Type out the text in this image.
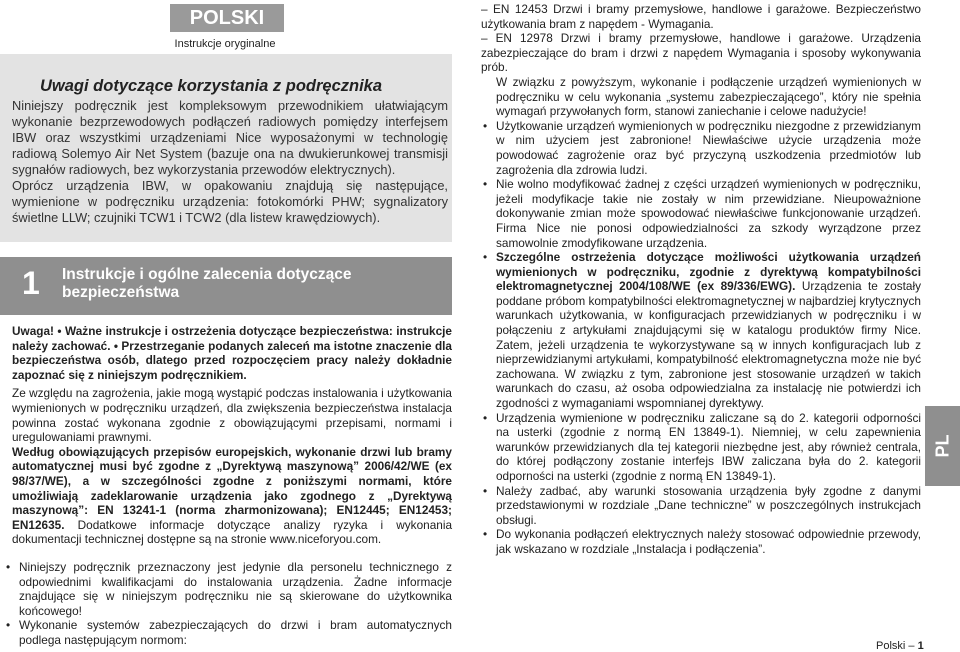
POLSKI
Instrukcje oryginalne
Uwagi dotyczące korzystania z podręcznika

Niniejszy podręcznik jest kompleksowym przewodnikiem ułatwiającym wykonanie bezprzewodowych podłączeń radiowych pomiędzy interfejsem IBW oraz wszystkimi urządzeniami Nice wyposażonymi w technologię radiową Solemyo Air Net System (bazuje ona na dwukierunkowej transmisji sygnałów radiowych, bez wykorzystania przewodów elektrycznych).

Oprócz urządzenia IBW, w opakowaniu znajdują się następujące, wymienione w podręczniku urządzenia: fotokomórki PHW; sygnalizatory świetlne LLW; czujniki TCW1 i TCW2 (dla listew krawędziowych).

1 Instrukcje i ogólne zalecenia dotyczące bezpieczeństwa

Uwaga! • Ważne instrukcje i ostrzeżenia dotyczące bezpieczeństwa: instrukcje należy zachować. • Przestrzeganie podanych zaleceń ma istotne znaczenie dla bezpieczeństwa osób, dlatego przed rozpoczęciem pracy należy dokładnie zapoznać się z niniejszym podręcznikiem.

Ze względu na zagrożenia, jakie mogą wystąpić podczas instalowania i użytkowania wymienionych w podręczniku urządzeń, dla zwiększenia bezpieczeństwa instalacja powinna zostać wykonana zgodnie z obowiązującymi przepisami, normami i uregulowaniami prawnymi.

Według obowiązujących przepisów europejskich, wykonanie drzwi lub bramy automatycznej musi być zgodne z „Dyrektywą maszynową” 2006/42/WE (ex 98/37/WE), a w szczególności zgodne z poniższymi normami, które umożliwiają zadeklarowanie urządzenia jako zgodnego z „Dyrektywą maszynową”: EN 13241-1 (norma zharmonizowana); EN12445; EN12453; EN12635. Dodatkowe informacje dotyczące analizy ryzyka i wykonania dokumentacji technicznej dostępne są na stronie www.niceforyou.com.

• Niniejszy podręcznik przeznaczony jest jedynie dla personelu technicznego z odpowiednimi kwalifikacjami do instalowania urządzenia. Żadne informacje znajdujące się w niniejszym podręczniku nie są skierowane do użytkownika końcowego!

• Wykonanie systemów zabezpieczających do drzwi i bram automatycznych podlega następującym normom:

– EN 12453 Drzwi i bramy przemysłowe, handlowe i garażowe. Bezpieczeństwo użytkowania bram z napędem - Wymagania.

– EN 12978 Drzwi i bramy przemysłowe, handlowe i garażowe. Urządzenia zabezpieczające do bram i drzwi z napędem Wymagania i sposoby wykonywania prób.

W związku z powyższym, wykonanie i podłączenie urządzeń wymienionych w podręczniku w celu wykonania „systemu zabezpieczającego”, który nie spełnia wymagań przywołanych form, stanowi zaniechanie i celowe nadużycie!

• Użytkowanie urządzeń wymienionych w podręczniku niezgodne z przewidzianym w nim użyciem jest zabronione! Niewłaściwe użycie urządzenia może powodować zagrożenie oraz być przyczyną uszkodzenia przedmiotów lub zagrożenia dla zdrowia ludzi.

• Nie wolno modyfikować żadnej z części urządzeń wymienionych w podręczniku, jeżeli modyfikacje takie nie zostały w nim przewidziane. Nieupoważnione dokonywanie zmian może spowodować niewłaściwe funkcjonowanie urządzeń. Firma Nice nie ponosi odpowiedzialności za szkody wyrządzone przez samowolnie zmodyfikowane urządzenia.

• Szczególne ostrzeżenia dotyczące możliwości użytkowania urządzeń wymienionych w podręczniku, zgodnie z dyrektywą kompatybilności elektromagnetycznej 2004/108/WE (ex 89/336/EWG). Urządzenia te zostały poddane próbom kompatybilności elektromagnetycznej w najbardziej krytycznych warunkach użytkowania, w konfiguracjach przewidzianych w podręczniku i w połączeniu z artykułami znajdującymi się w katalogu produktów firmy Nice. Zatem, jeżeli urządzenia te wykorzystywane są w innych konfiguracjach lub z nieprzewidzianymi artykułami, kompatybilność elektromagnetyczna może nie być zachowana. W związku z tym, zabronione jest stosowanie urządzeń w takich warunkach do czasu, aż osoba odpowiedzialna za instalację nie potwierdzi ich zgodności z wymaganiami wspomnianej dyrektywy.

• Urządzenia wymienione w podręczniku zaliczane są do 2. kategorii odporności na usterki (zgodnie z normą EN 13849-1). Niemniej, w celu zapewnienia warunków przewidzianych dla tej kategorii niezbędne jest, aby również centrala, do której podłączony zostanie interfejs IBW zaliczana była do 2. kategorii odporności na usterki (zgodnie z normą EN 13849-1).

• Należy zadbać, aby warunki stosowania urządzenia były zgodne z danymi przedstawionymi w rozdziale „Dane techniczne” w poszczególnych instrukcjach obsługi.

• Do wykonania podłączeń elektrycznych należy stosować odpowiednie przewody, jak wskazano w rozdziale „Instalacja i podłączenia”.

PL
Polski – 1
